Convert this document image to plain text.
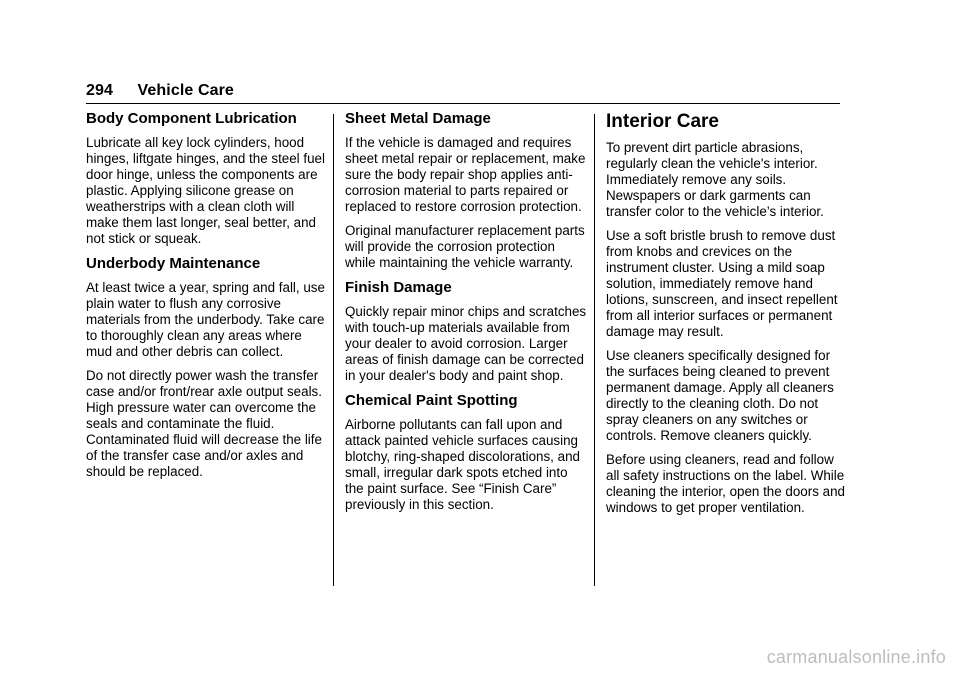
294 Vehicle Care
Body Component Lubrication

Lubricate all key lock cylinders, hood hinges, liftgate hinges, and the steel fuel door hinge, unless the components are plastic. Applying silicone grease on weatherstrips with a clean cloth will make them last longer, seal better, and not stick or squeak.

Underbody Maintenance

At least twice a year, spring and fall, use plain water to flush any corrosive materials from the underbody. Take care to thoroughly clean any areas where mud and other debris can collect.

Do not directly power wash the transfer case and/or front/rear axle output seals. High pressure water can overcome the seals and contaminate the fluid. Contaminated fluid will decrease the life of the transfer case and/or axles and should be replaced.

Sheet Metal Damage

If the vehicle is damaged and requires sheet metal repair or replacement, make sure the body repair shop applies anti-corrosion material to parts repaired or replaced to restore corrosion protection.

Original manufacturer replacement parts will provide the corrosion protection while maintaining the vehicle warranty.

Finish Damage

Quickly repair minor chips and scratches with touch-up materials available from your dealer to avoid corrosion. Larger areas of finish damage can be corrected in your dealer's body and paint shop.

Chemical Paint Spotting

Airborne pollutants can fall upon and attack painted vehicle surfaces causing blotchy, ring-shaped discolorations, and small, irregular dark spots etched into the paint surface. See “Finish Care” previously in this section.

Interior Care

To prevent dirt particle abrasions, regularly clean the vehicle's interior. Immediately remove any soils. Newspapers or dark garments can transfer color to the vehicle’s interior.

Use a soft bristle brush to remove dust from knobs and crevices on the instrument cluster. Using a mild soap solution, immediately remove hand lotions, sunscreen, and insect repellent from all interior surfaces or permanent damage may result.

Use cleaners specifically designed for the surfaces being cleaned to prevent permanent damage. Apply all cleaners directly to the cleaning cloth. Do not spray cleaners on any switches or controls. Remove cleaners quickly.

Before using cleaners, read and follow all safety instructions on the label. While cleaning the interior, open the doors and windows to get proper ventilation.

carmanualsonline.info
